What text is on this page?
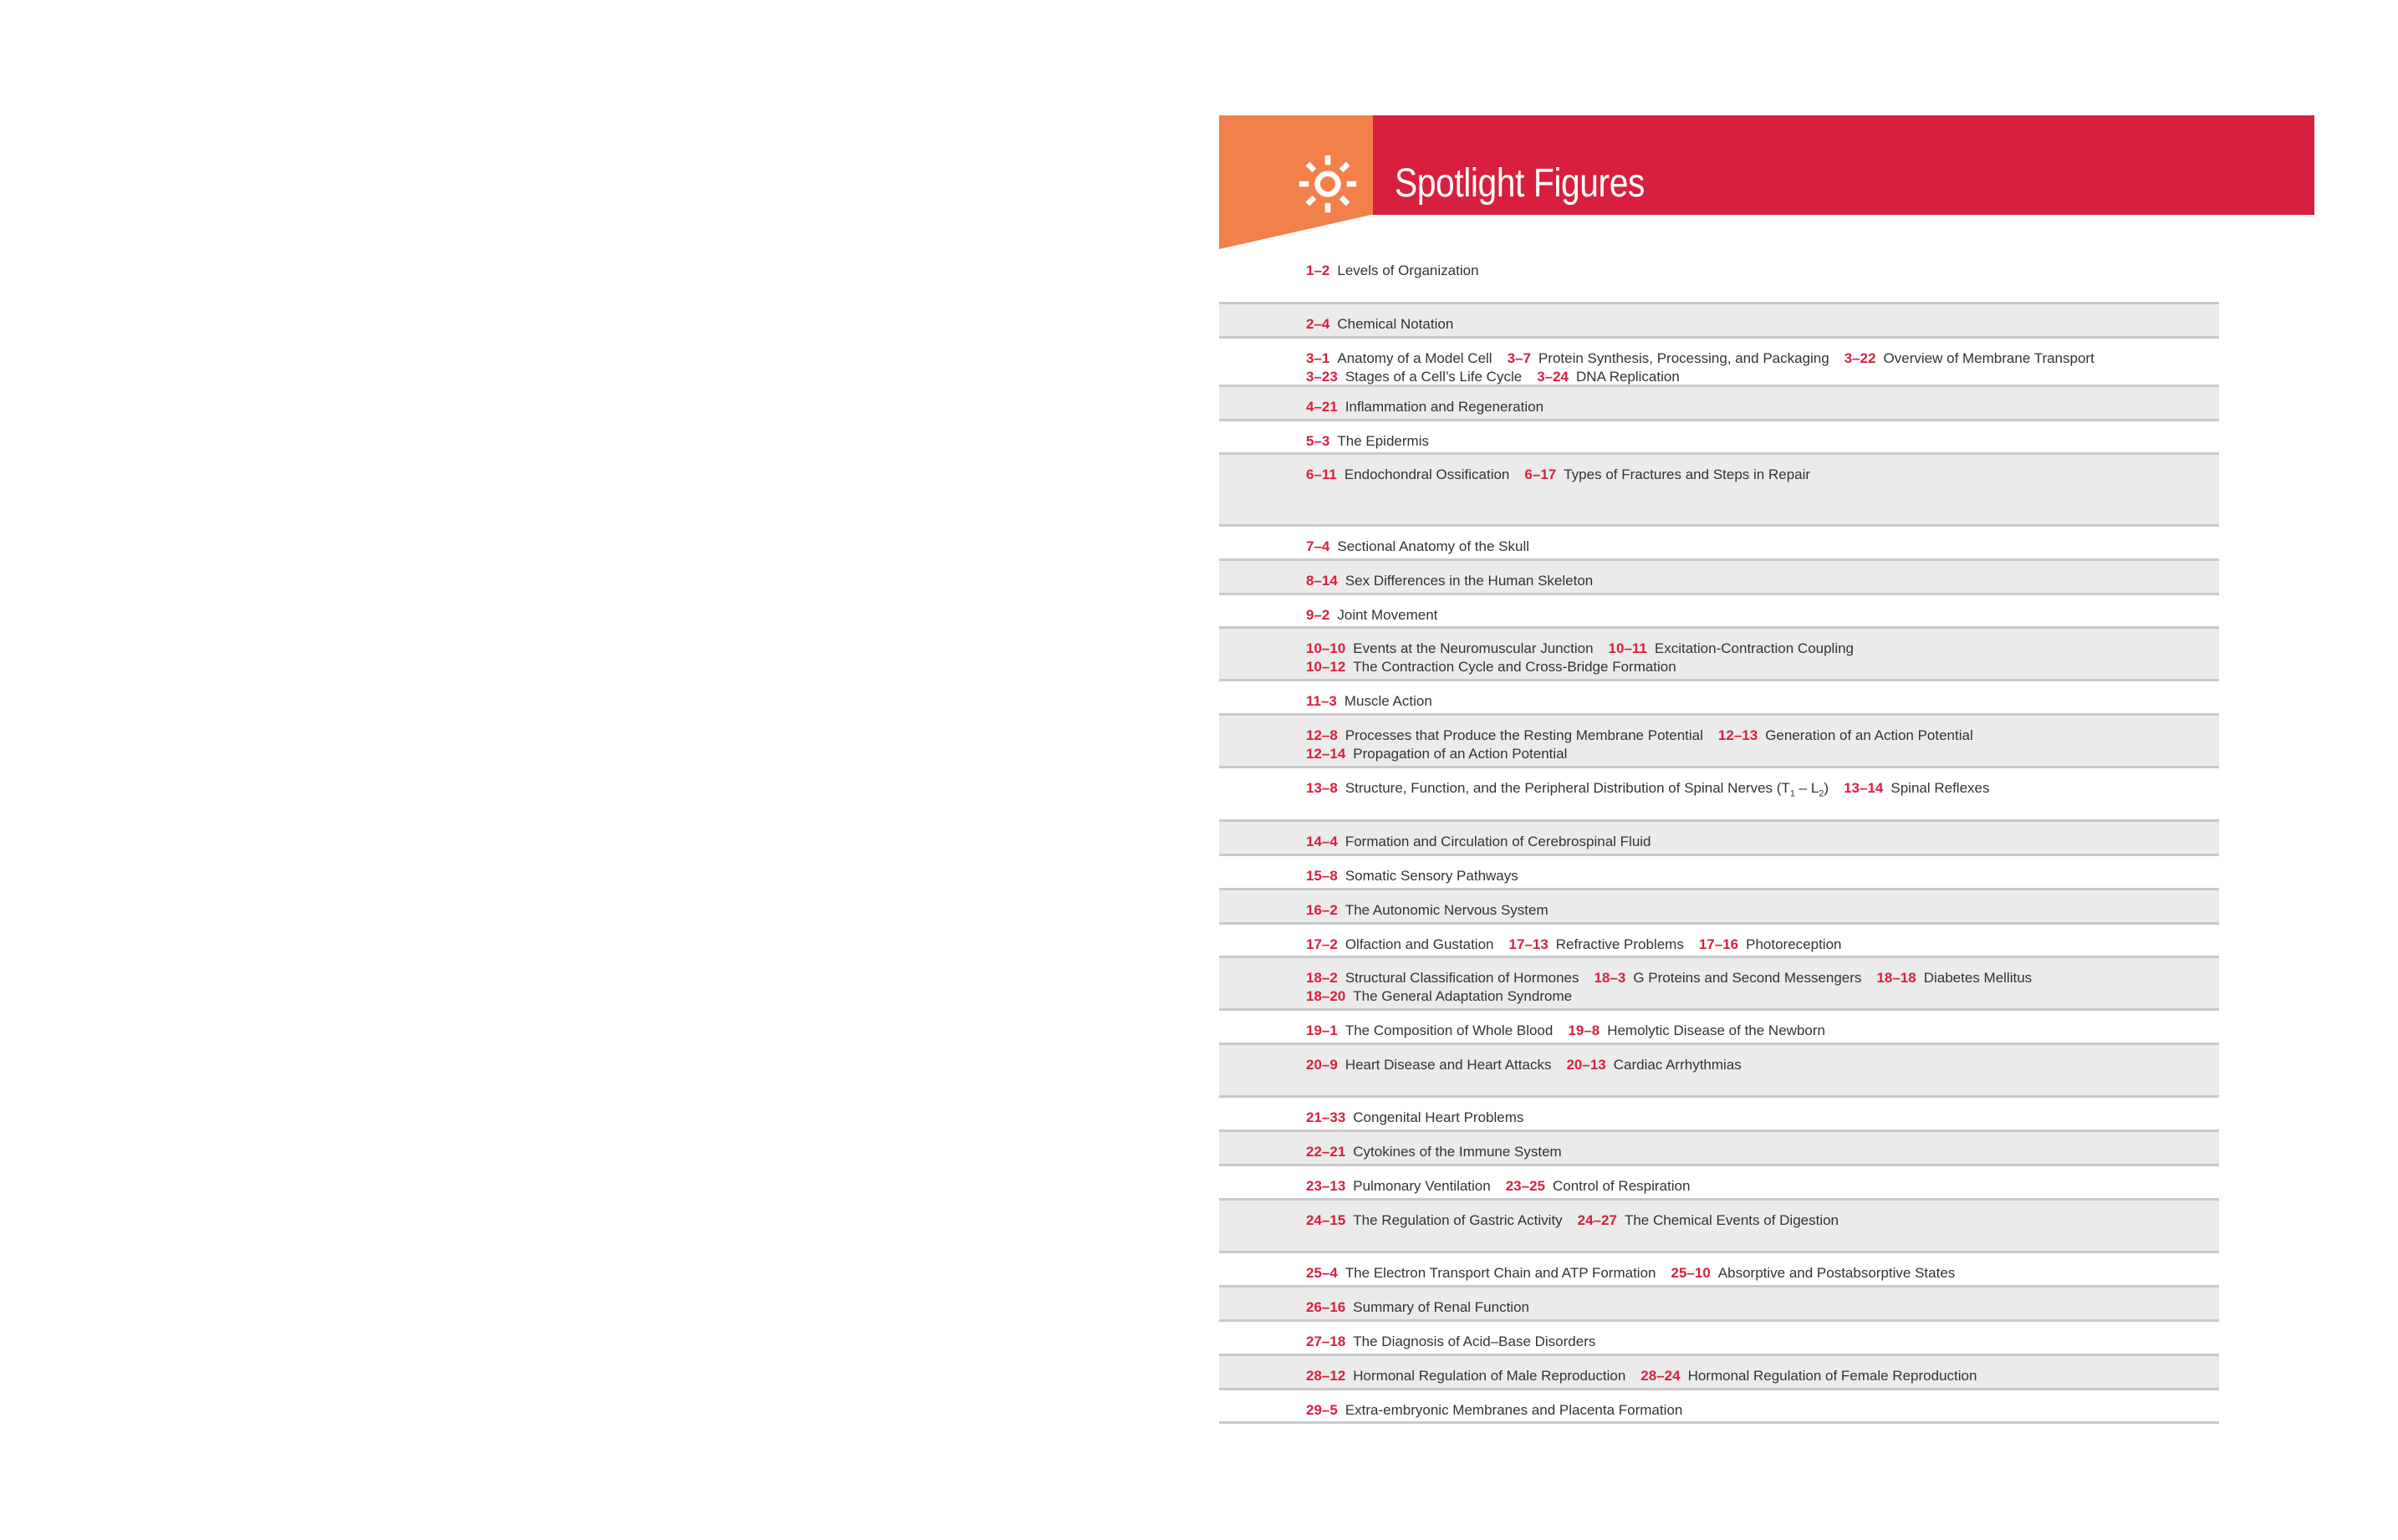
Spotlight Figures
1–2 Levels of Organization
2–4 Chemical Notation
3–1 Anatomy of a Model Cell 3–7 Protein Synthesis, Processing, and Packaging 3–22 Overview of Membrane Transport
3–23 Stages of a Cell’s Life Cycle 3–24 DNA Replication
4–21 Inflammation and Regeneration
5–3 The Epidermis
6–11 Endochondral Ossification 6–17 Types of Fractures and Steps in Repair
7–4 Sectional Anatomy of the Skull
8–14 Sex Differences in the Human Skeleton
9–2 Joint Movement
10–10 Events at the Neuromuscular Junction 10–11 Excitation-Contraction Coupling
10–12 The Contraction Cycle and Cross-Bridge Formation
11–3 Muscle Action
12–8 Processes that Produce the Resting Membrane Potential 12–13 Generation of an Action Potential
12–14 Propagation of an Action Potential
13–8 Structure, Function, and the Peripheral Distribution of Spinal Nerves $(T_1 - L_2)$ 13–14 Spinal Reflexes
14–4 Formation and Circulation of Cerebrospinal Fluid
15–8 Somatic Sensory Pathways
16–2 The Autonomic Nervous System
17–2 Olfaction and Gustation 17–13 Refractive Problems 17–16 Photoreception
18–2 Structural Classification of Hormones 18–3 G Proteins and Second Messengers 18–18 Diabetes Mellitus
18–20 The General Adaptation Syndrome
19–1 The Composition of Whole Blood 19–8 Hemolytic Disease of the Newborn
20–9 Heart Disease and Heart Attacks 20–13 Cardiac Arrhythmias
21–33 Congenital Heart Problems
22–21 Cytokines of the Immune System
23–13 Pulmonary Ventilation 23–25 Control of Respiration
24–15 The Regulation of Gastric Activity 24–27 The Chemical Events of Digestion
25–4 The Electron Transport Chain and ATP Formation 25–10 Absorptive and Postabsorptive States
26–16 Summary of Renal Function
27–18 The Diagnosis of Acid–Base Disorders
28–12 Hormonal Regulation of Male Reproduction 28–24 Hormonal Regulation of Female Reproduction
29–5 Extra-embryonic Membranes and Placenta Formation
